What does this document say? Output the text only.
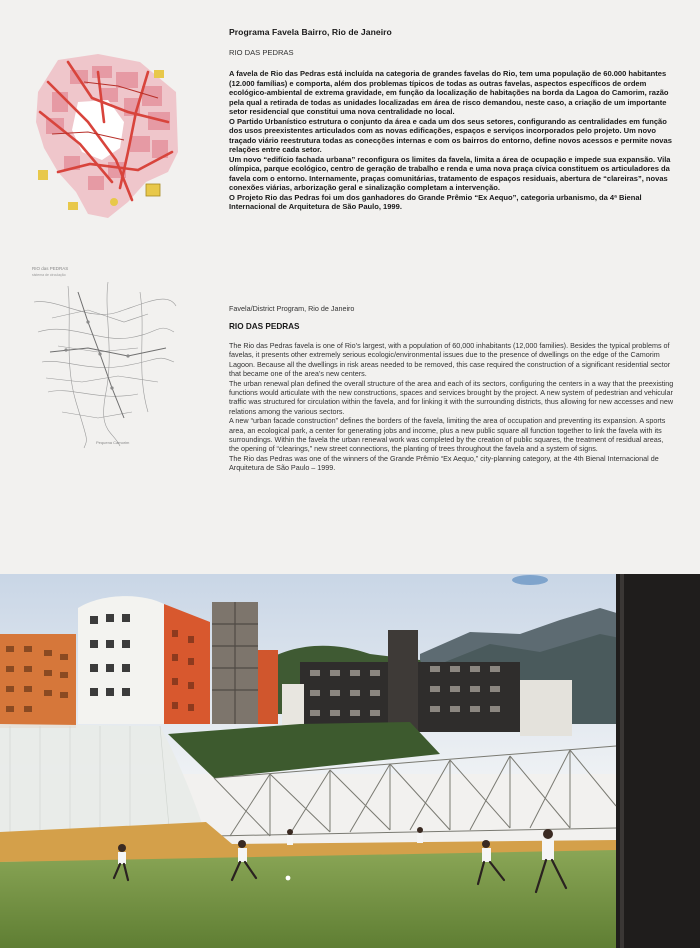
RIO das PEDRAS
sistema de circulação
Pequena Camorim
Programa Favela Bairro, Rio de Janeiro
RIO DAS PEDRAS

A favela de Rio das Pedras está incluída na categoria de grandes favelas do Rio, tem uma população de 60.000 habitantes (12.000 famílias) e comporta, além dos problemas típicos de todas as outras favelas, aspectos específicos de ordem ecológico-ambiental de extrema gravidade, em função da localização de habitações na borda da Lagoa do Camorim, razão pela qual a retirada de todas as unidades localizadas em área de risco demandou, neste caso, a criação de um importante setor residencial que constitui uma nova centralidade no local.

O Partido Urbanístico estrutura o conjunto da área e cada um dos seus setores, configurando as centralidades em função dos usos preexistentes articulados com as novas edificações, espaços e serviços incorporados pelo projeto. Um novo traçado viário reestrutura todas as conecções internas e com os bairros do entorno, define novos acessos e permite novas relações entre cada setor.

Um novo “edifício fachada urbana” reconfigura os limites da favela, limita a área de ocupação e impede sua expansão. Vila olímpica, parque ecológico, centro de geração de trabalho e renda e uma nova praça cívica constituem os articuladores da favela com o entorno. Internamente, praças comunitárias, tratamento de espaços residuais, abertura de “clareiras”, novas conexões viárias, arborização geral e sinalização completam a intervenção.

O Projeto Rio das Pedras foi um dos ganhadores do Grande Prêmio “Ex Aequo”, categoria urbanismo, da 4ª Bienal Internacional de Arquitetura de São Paulo, 1999.

Favela/District Program, Rio de Janeiro
RIO DAS PEDRAS

The Rio das Pedras favela is one of Rio’s largest, with a population of 60,000 inhabitants (12,000 families). Besides the typical problems of favelas, it presents other extremely serious ecologic/environmental issues due to the presence of dwellings on the edge of the Camorim Lagoon. Because all the dwellings in risk areas needed to be removed, this case required the construction of a significant residential sector that became one of the area’s new centers.

The urban renewal plan defined the overall structure of the area and each of its sectors, configuring the centers in a way that the preexisting functions would articulate with the new constructions, spaces and services brought by the project. A new system of pedestrian and vehicular traffic was structured for circulation within the favela, and for linking it with the surrounding districts, thus allowing for new accesses and new relations among the various sectors.

A new “urban facade construction” defines the borders of the favela, limiting the area of occupation and preventing its expansion. A sports area, an ecological park, a center for generating jobs and income, plus a new public square all function together to link the favela with its surroundings. Within the favela the urban renewal work was completed by the creation of public squares, the treatment of residual areas, the opening of “clearings,” new street connections, the planting of trees throughout the favela and a system of signs.

The Rio das Pedras was one of the winners of the Grande Prêmio “Ex Aequo,” city-planning category, at the 4th Bienal Internacional de Arquitetura de São Paulo – 1999.
